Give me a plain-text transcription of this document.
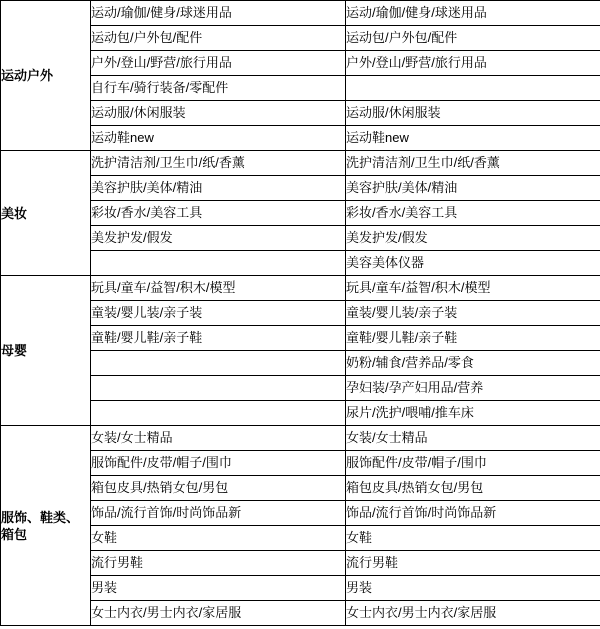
运动户外	运动/瑜伽/健身/球迷用品	运动/瑜伽/健身/球迷用品
	运动包/户外包/配件	运动包/户外包/配件
	户外/登山/野营/旅行用品	户外/登山/野营/旅行用品
	自行车/骑行装备/零配件	
	运动服/休闲服装	运动服/休闲服装
	运动鞋new	运动鞋new

美妆	洗护清洁剂/卫生巾/纸/香薰	洗护清洁剂/卫生巾/纸/香薰
	美容护肤/美体/精油	美容护肤/美体/精油
	彩妆/香水/美容工具	彩妆/香水/美容工具
	美发护发/假发	美发护发/假发
		美容美体仪器

母婴	玩具/童车/益智/积木/模型	玩具/童车/益智/积木/模型
	童装/婴儿装/亲子装	童装/婴儿装/亲子装
	童鞋/婴儿鞋/亲子鞋	童鞋/婴儿鞋/亲子鞋
		奶粉/辅食/营养品/零食
		孕妇装/孕产妇用品/营养
		尿片/洗护/喂哺/推车床

服饰、鞋类、箱包	女装/女士精品	女装/女士精品
	服饰配件/皮带/帽子/围巾	服饰配件/皮带/帽子/围巾
	箱包皮具/热销女包/男包	箱包皮具/热销女包/男包
	饰品/流行首饰/时尚饰品新	饰品/流行首饰/时尚饰品新
	女鞋	女鞋
	流行男鞋	流行男鞋
	男装	男装
	女士内衣/男士内衣/家居服	女士内衣/男士内衣/家居服
